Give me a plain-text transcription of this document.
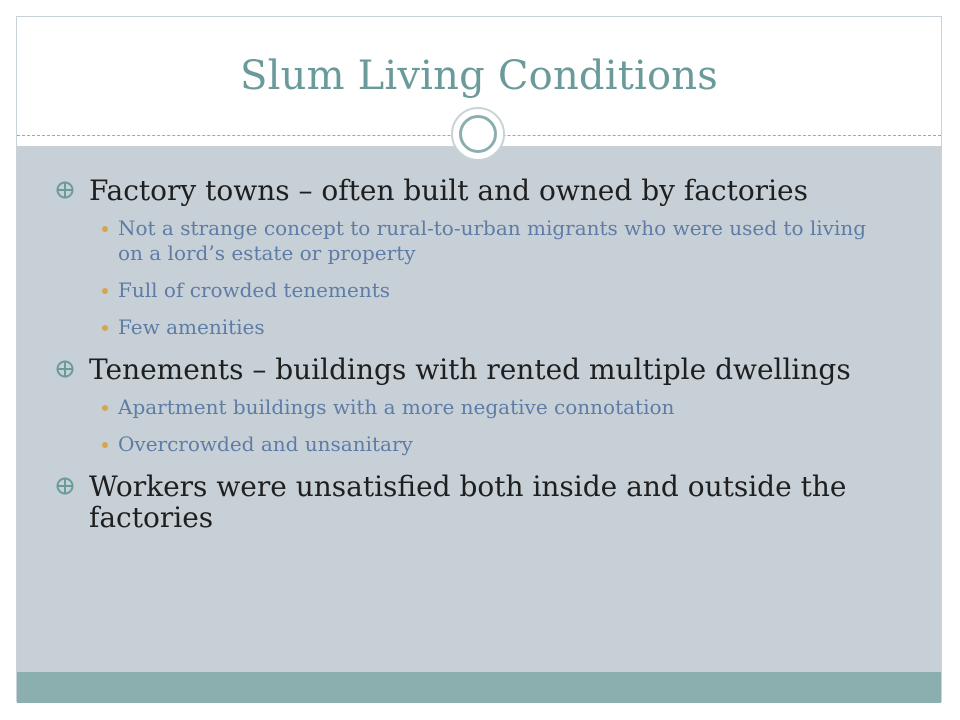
Slum Living Conditions
Factory towns – often built and owned by factories
Not a strange concept to rural-to-urban migrants who were used to living on a lord’s estate or property
Full of crowded tenements
Few amenities
Tenements – buildings with rented multiple dwellings
Apartment buildings with a more negative connotation
Overcrowded and unsanitary
Workers were unsatisfied both inside and outside the factories
